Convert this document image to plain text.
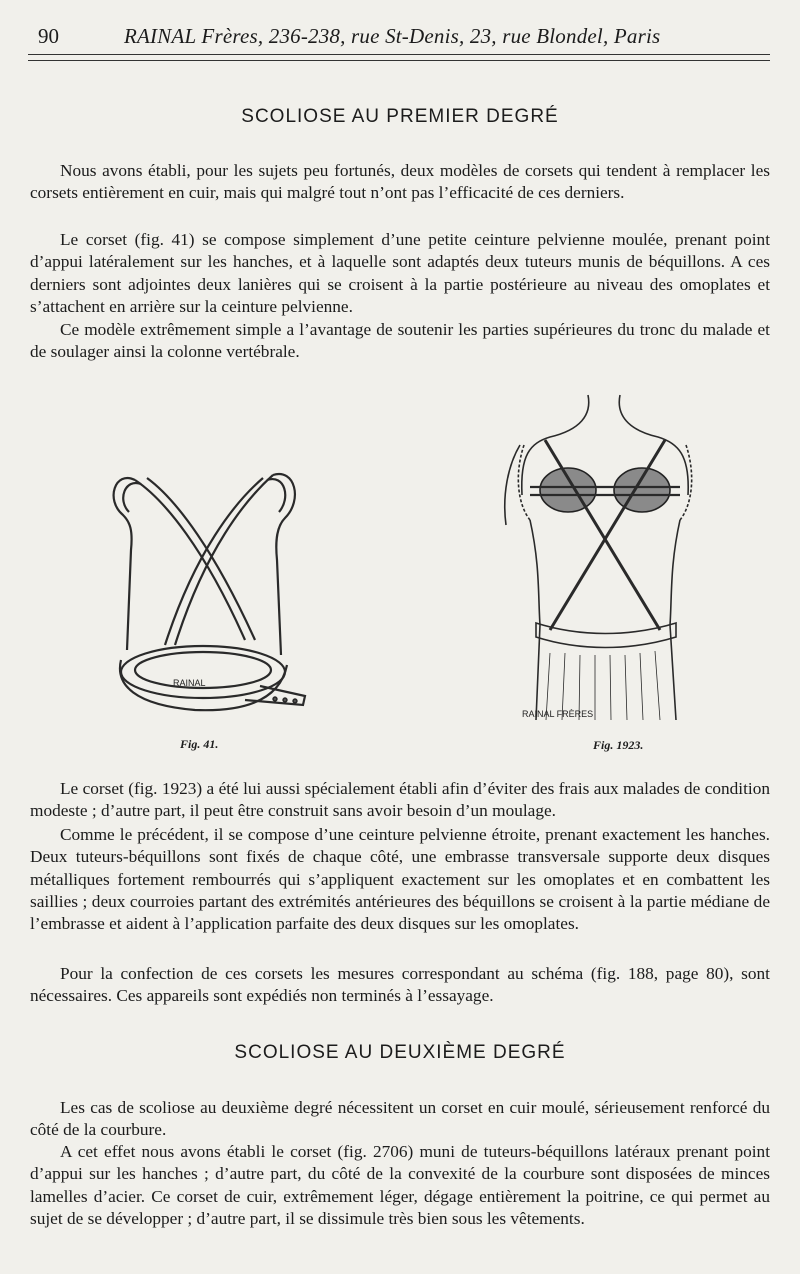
90	RAINAL Frères, 236-238, rue St-Denis, 23, rue Blondel, Paris
SCOLIOSE AU PREMIER DEGRÉ

Nous avons établi, pour les sujets peu fortunés, deux modèles de corsets qui tendent à remplacer les corsets entièrement en cuir, mais qui malgré tout n’ont pas l’efficacité de ces derniers.

Le corset (fig. 41) se compose simplement d’une petite ceinture pelvienne moulée, prenant point d’appui latéralement sur les hanches, et à laquelle sont adaptés deux tuteurs munis de béquillons. A ces derniers sont adjointes deux lanières qui se croisent à la partie postérieure au niveau des omoplates et s’attachent en arrière sur la ceinture pelvienne.

Ce modèle extrêmement simple a l’avantage de soutenir les parties supérieures du tronc du malade et de soulager ainsi la colonne vertébrale.

RAINAL
RAINAL FRÈRES
Fig. 41.	Fig. 1923.

Le corset (fig. 1923) a été lui aussi spécialement établi afin d’éviter des frais aux malades de condition modeste ; d’autre part, il peut être construit sans avoir besoin d’un moulage.

Comme le précédent, il se compose d’une ceinture pelvienne étroite, prenant exactement les hanches. Deux tuteurs-béquillons sont fixés de chaque côté, une embrasse transversale supporte deux disques métalliques fortement rembourrés qui s’appliquent exactement sur les omoplates et en combattent les saillies ; deux courroies partant des extrémités antérieures des béquillons se croisent à la partie médiane de l’embrasse et aident à l’application parfaite des deux disques sur les omoplates.

Pour la confection de ces corsets les mesures correspondant au schéma (fig. 188, page 80), sont nécessaires. Ces appareils sont expédiés non terminés à l’essayage.

SCOLIOSE AU DEUXIÈME DEGRÉ

Les cas de scoliose au deuxième degré nécessitent un corset en cuir moulé, sérieusement renforcé du côté de la courbure.

A cet effet nous avons établi le corset (fig. 2706) muni de tuteurs-béquillons latéraux prenant point d’appui sur les hanches ; d’autre part, du côté de la convexité de la courbure sont disposées de minces lamelles d’acier. Ce corset de cuir, extrêmement léger, dégage entièrement la poitrine, ce qui permet au sujet de se développer ; d’autre part, il se dissimule très bien sous les vêtements.
